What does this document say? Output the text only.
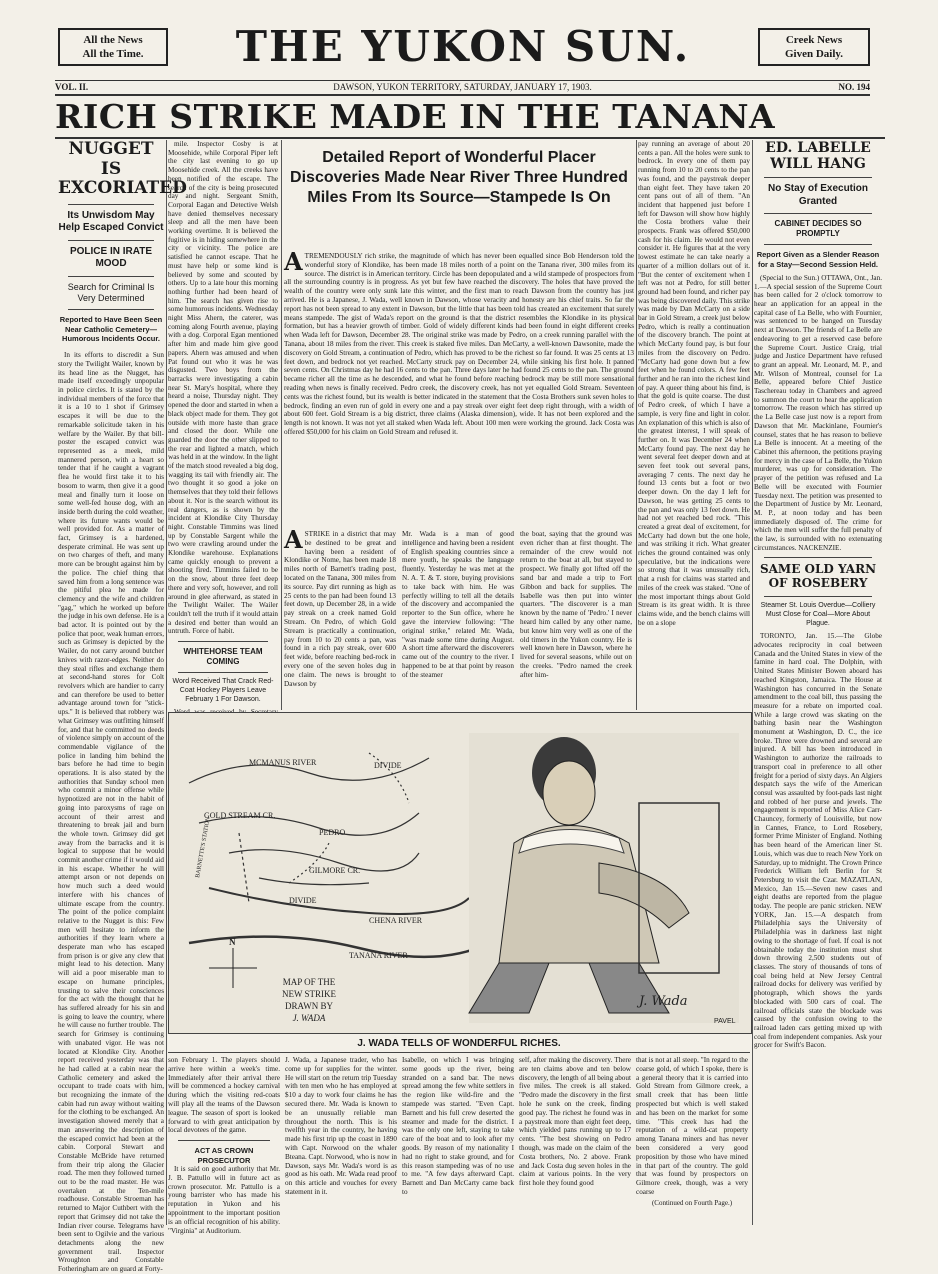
All the News
All the Time.	THE YUKON SUN.	Creek News
Given Daily.
VOL. II.	DAWSON, YUKON TERRITORY, SATURDAY, JANUARY 17, 1903.	NO. 194
RICH STRIKE MADE IN THE TANANA
NUGGET IS EXCORIATED
Its Unwisdom May Help Escaped Convict
POLICE IN IRATE MOOD
Search for Criminal Is Very Determined
Reported to Have Been Seen Near Catholic Cemetery—Humorous Incidents Occur.
In its efforts to discredit a Sun story the Twilight Wailer, known by its head line as the Nugget, has made itself exceedingly unpopular in police circles. It is stated by the individual members of the force that it is a 10 to 1 shot if Grimsey escapes it will be due to the remarkable solicitude taken in his welfare by the Wailer. By that bill-poster the escaped convict was represented as a meek, mild mannered person, with a heart so tender that if he caught a vagrant flea he would first take it to his bosom to warm, then give it a good meal and finally turn it loose on some well-fed house dog, with an inside berth during the cold weather, where its future wants would be well provided for. As a matter of fact, Grimsey is a hardened, desperate criminal. He was sent up on two charges of theft, and many more can be brought against him by the police. The chief thing that saved him from a long sentence was the pitiful plea he made for clemency and the wife and children "gag," which he worked up before the judge in his own defense. He is a bad actor. It is pointed out by the police that poor, weak human errors, such as Grimsey is depicted by the Wailer, do not carry around butcher knives with razor-edges. Neither do they steal rifles and exchange them at second-hand stores for Colt revolvers which are handier to carry and can therefore be used to better advantage around town for "stick-ups." It is believed that robbery was what Grimsey was outfitting himself for, and that he committed no deeds of violence simply on account of the commendable vigilance of the police in landing him behind the bars before he had time to begin operations. It is also stated by the authorities that Sunday school men who commit a minor offense while hypnotized are not in the habit of going into paroxysms of rage on account of their arrest and threatening to break jail and burn the whole town. Grimsey did get away from the barracks and it is logical to suppose that he would commit another crime if it would aid in his escape. Whether he will attempt arson or not depends on how much such a deed would interfere with his chances of ultimate escape from the country. The point of the police complaint relative to the Nugget is this: Few men will hesitate to inform the authorities if they learn where a desperate man who has escaped from prison is or give any clew that might lead to his detection. Many will aid a poor miserable man to escape on humane principles, trusting to salve their consciences for the act with the thought that he has suffered already for his sin and is going to leave the country, where he will cause no further trouble. The search for Grimsey is continuing with unabated vigor. He was not located at Klondike City. Another report received yesterday was that he had called at a cabin near the Catholic cemetery and asked the occupant to trade coats with him, but recognizing the inmate of the cabin had run away without waiting for the clothing to be exchanged. An investigation showed merely that a man answering the description of the escaped convict had been at the cabin. Corporal Stewart and Constable McBride have returned from their trip along the Glacier road. The men they followed turned out to be the road master. He was overtaken at the Ten-mile roadhouse. Constable Stroeman has returned to Major Cuthbert with the report that Grimsey did not take the Indian river course. Telegrams have been sent to Ogilvie and the various detachments along the new government trail. Inspector Wroughton and Constable Fotheringham are on guard at Forty-
mile. Inspector Cosby is at Moosehide, while Corporal Piper left the city last evening to go up Moosehide creek. All the creeks have been notified of the escape. The search of the city is being prosecuted day and night. Sergeant Smith, Corporal Eagan and Detective Welsh have denied themselves necessary sleep and all the men have been working overtime. It is believed the fugitive is in hiding somewhere in the city or vicinity. The police are satisfied he cannot escape. That he must have help or some kind is believed by some and scouted by others. Up to a late hour this morning nothing further had been heard of him. The search has given rise to some humorous incidents. Wednesday night Miss Ahern, the caterer, was coming along Fourth avenue, playing with a dog. Corporal Egan mentioned after him and made him give good papers. Ahern was amused and when Pat found out who it was he was disgusted. Two boys from the barracks were investigating a cabin near St. Mary's hospital, where they heard a noise, Thursday night. They opened the door and started in when a black object made for them. They got outside with more haste than grace and closed the door. While one guarded the door the other slipped to the rear and lighted a match, which was held in at the window. In the light of the match stood revealed a big dog, wagging its tail with friendly air. The two thought it so good a joke on themselves that they told their fellows about it. Nor is the search without its real dangers, as is shown by the incident at Klondike City Thursday night. Constable Timmins was lined up by Constable Sargent while the two were crawling around under the Klondike warehouse. Explanations came quickly enough to prevent a shooting fired. Timmins failed to be on the snow, about three feet deep there and very soft, however, and roll around in glee afterward, as stated in the Twilight Wailer. The Wailer couldn't tell the truth if it would attain a desired end better than would an untruth. Force of habit.
WHITEHORSE TEAM COMING
Word Received That Crack Red-Coat Hockey Players Leave February 1 For Dawson.
Detailed Report of Wonderful Placer Discoveries Made Near River Three Hundred Miles From Its Source—Stampede Is On
A TREMENDOUSLY rich strike, the magnitude of which has never been equalled since Bob Henderson told the wonderful story of Klondike, has been made 18 miles north of a point on the Tanana river, 300 miles from its source. The district is in American territory. Circle has been depopulated and a wild stampede of prospectors from all the surrounding country is in progress. As yet but few have reached the discovery. The holes that have proved the wealth of the country were only sunk late this winter, and the first man to reach Dawson from the country has just arrived. He is a Japanese, J. Wada, well known in Dawson, whose veracity and honesty are his chief traits. So far the report has not been spread to any extent in Dawson, but the little that has been told has created an excitement that surely means stampede. The gist of Wada's report on the ground is that the district resembles the Klondike in its physical formation, but has a heavier growth of timber. Gold of widely different kinds had been found in eight different creeks when Wada left for Dawson, December 28. The original strike was made by Pedro, on a creek running parallel with the Tanana, about 18 miles from the river. This creek is staked five miles. Dan McCarty, a well-known Dawsonite, made the discovery on Gold Stream, a continuation of Pedro, which has proved to be the richest so far found. It was 25 cents at 13 feet down, and bedrock not yet reached. McCarty struck pay on December 24, while sinking his first hole. It panned seven cents. On Christmas day he had 16 cents to the pan. Three days later he had found 25 cents to the pan. The ground became richer all the time as he descended, and what he found before reaching bedrock may be still more sensational reading when news is finally received. Pedro creek, the discovery creek, has not yet equalled Gold Stream. Seventeen cents was the richest found, but its wealth is better indicated in the statement that the Costa Brothers sunk seven holes to bedrock, finding an even run of gold in every one and a pay streak over eight feet deep right through, with a width of about 600 feet. Gold Stream is a big district, three claims (Alaska dimension), wide. It has not been explored and the length is not known. It was not yet all staked when Wada left. About 100 men were working the ground. Jack Costa was offered $50,000 for his claim on Gold Stream and refused it.
A STRIKE in a district that may be destined to be great and having been a resident of Klondike or Nome, has been made 18 miles north of Barnett's trading post, located on the Tanana, 300 miles from its source. Pay dirt running as high as 25 cents to the pan had been found 13 feet down, up December 28, in a wide pay streak on a creek named Gold Stream. On Pedro, of which Gold Stream is practically a continuation, pay from 10 to 20 cents a pan, was found in a rich pay streak, over 600 feet wide, before reaching bed-rock in every one of the seven holes dug in one claim. The news is brought to Dawson by
Mr. Wada is a man of good intelligence and having been a resident of English speaking countries since a mere youth, he speaks the language fluently. Yesterday he was met at the N. A. T. & T. store, buying provisions to take back with him. He was perfectly willing to tell all the details of the discovery and accompanied the reporter to the Sun office, where he gave the interview following: "The original strike," related Mr. Wada, "was made some time during August. A short time afterward the discoverers came out of the country to the river. I happened to be at that point by reason of the steamer
the boat, saying that the ground was even richer than at first thought. The remainder of the crew would not return to the boat at all, but stayed to prospect. We finally got lifted off the sand bar and made a trip to Fort Gibbon and back for supplies. The Isabelle was then put into winter quarters. "The discoverer is a man known by the name of 'Pedro.' I never heard him called by any other name, but know him very well as one of the old timers in the Yukon country. He is well known here in Dawson, where he lived for several seasons, while out on the creeks. "Pedro named the creek after him-
pay running an average of about 20 cents a pan. All the holes were sunk to bedrock. In every one of them pay running from 10 to 20 cents to the pan was found, and the paystreak deeper than eight feet. They have taken 20 cent pans out of all of them. "An incident that happened just before I left for Dawson will show how highly the Costa brothers value their prospects. Frank was offered $50,000 cash for his claim. He would not even consider it. He figures that at the very lowest estimate he can take nearly a quarter of a million dollars out of it. "But the center of excitement when I left was not at Pedro, for still better ground had been found, and richer pay was being discovered daily. This strike was made by Dan McCarty on a side bar in Gold Stream, a creek just below Pedro, which is really a continuation of the discovery branch. The point at which McCarty found pay, is but four miles from the discovery on Pedro. "McCarty had gone down but a few feet when he found colors. A few feet further and he ran into the richest kind of pay. A queer thing about his find, is that the gold is quite coarse. The dust of Pedro creek, of which I have a sample, is very fine and light in color. An explanation of this which is also of the greatest interest, I will speak of further on. It was December 24 when McCarty found pay. The next day he went several feet deeper down and at seven feet took out several pans, averaging 7 cents. The next day he found 13 cents but a foot or two deeper down. On the day I left for Dawson, he was getting 25 cents to the pan and was only 13 feet down. He had not yet reached bed rock. "This created a great deal of excitement, for McCarty had down but the one hole, and was striking it rich. What greater riches the ground contained was only speculative, but the indications were so strong that it was unusually rich, that a rush for claims was started and miles of the creek was staked. "One of the most important things about Gold Stream is its great width. It is three claims wide, and the bench claims will be on a slope
ED. LABELLE WILL HANG
No Stay of Execution Granted
CABINET DECIDES SO PROMPTLY
Report Given as a Slender Reason for a Stay—Second Session Held.
(Special to the Sun.) OTTAWA, Ont., Jan. 1.—A special session of the Supreme Court has been called for 2 o'clock tomorrow to hear an application for an appeal in the capital case of La Belle, who with Fournier, was sentenced to be hanged on Tuesday next at Dawson. The friends of La Belle are endeavoring to get a reserved case before the Supreme Court. Justice Craig, trial judge and Justice Department have refused to grant an appeal. Mr. Leonard, M. P., and Mr. Wilson of Montreal, counsel for La Belle, appeared before Chief Justice Taschereau today in Chambers and agreed to summon the court to hear the application tomorrow. The reason which has stirred up the La Belle case just now is a report from Dawson that Mr. Mackinlane, Fournier's counsel, states that he has reason to believe La Belle is innocent. At a meeting of the Cabinet this afternoon, the petitions praying for mercy in the case of La Belle, the Yukon murderer, was up for consideration. The prayer of the petition was refused and La Belle will be executed with Fournier Tuesday next. The petition was presented to the Department of Justice by Mr. Leonard, M. P., at noon today and has been immediately disposed of. The crime for which the men will suffer the full penalty of the law, is surrounded with no extenuating circumstances. NACKENZIE.
SAME OLD YARN OF ROSEBERY
Steamer St. Louis Overdue—Colliery Must Close for Coal—More About Plague.
TORONTO, Jan. 15.—The Globe advocates reciprocity in coal between Canada and the United States in view of the famine in hard coal. The Dolphin, with United States Minister Bowen aboard has reached Kingston, Jamaica. The House at Washington has concurred in the Senate amendment to the coal bill, thus passing the measure for a rebate on imported coal. While a large crowd was skating on the bathing basin near the Washington monument at Washington, D. C., the ice broke. Three were drowned and several are injured. A bill has been introduced in Washington to authorize the railroads to transport coal in preference to all other freight for a period of sixty days. An Algiers despatch says the wife of the American consul was assaulted by foot-pads last night and robbed of her purse and jewels. The engagement is reported of Miss Alice Carr-Chauncey, formerly of Louisville, but now in Cannes, France, to Lord Rosebery, former Prime Minister of England. Nothing has been heard of the American liner St. Louis, which was due to reach New York on Saturday, up to midnight. The Crown Prince Frederick William left Berlin for St Petersburg to visit the Czar. MAZATLAN, Mexico, Jan 15.—Seven new cases and eight deaths are reported from the plague today. The people are panic stricken. NEW YORK, Jan. 15.—A despatch from Philadelphia says the University of Philadelphia was in darkness last night owing to the shortage of fuel. If coal is not obtainable today the institution must shut down throwing 2,500 students out of classes. The story of thousands of tons of coal being held at New Jersey Central railroad docks for delivery was verified by photograph, which shows the yards blockaded with 500 cars of coal. The railroad officials state the blockade was caused by the confusion owing to the railroad laden cars getting mixed up with coal from independent companies. Ask your grocer for Swift's Bacon.
MCMANUS RIVER	DIVIDE
GOLD STREAM CR.
PEDRO
GILMORE CR.
DIVIDE
CHENA RIVER
TANANA RIVER
BARNETTE'S STATION
N
MAP OF THE
NEW STRIKE
DRAWN BY
J. WADA
J. Wada
PAVEL
J. WADA TELLS OF WONDERFUL RICHES.
son February 1. The players should arrive here within a week's time. Immediately after their arrival there will be commenced a hockey carnival during which the visiting red-coats will play all the teams of the Dawson league. The season of sport is looked forward to with great anticipation by local devotees of the game.
ACT AS CROWN PROSECUTOR
It is said on good authority that Mr. J. B. Pattullo will in future act as crown prosecutor. Mr. Pattullo is a young barrister who has made his reputation in Yukon and his appointment to the important position is an official recognition of his ability. "Virginia" at Auditorium.
J. Wada, a Japanese trader, who has come up for supplies for the winter. He will start on the return trip Tuesday with ten men who he has employed at $10 a day to work four claims he has secured there. Mr. Wada is known to be an unusually reliable man throughout the north. This is his twelfth year in the country, he having made his first trip up the coast in 1890 with Capt. Norwood on the whaler Bteana. Capt. Norwood, who is now in Dawson, says Mr. Wada's word is as good as his oath. Mr. Wada read proof on this article and vouches for every statement in it.
Isabelle, on which I was bringing some goods up the river, being stranded on a sand bar. The news spread among the few white settlers in the region like wild-fire and the stampede was started. "Even Capt. Barnett and his full crew deserted the steamer and made for the district. I was the only one left, staying to take care of the boat and to look after my goods. By reason of my nationality I had no right to stake ground, and for this reason stampeding was of no use to me. "A few days afterward Capt. Barnett and Dan McCarty came back to
self, after making the discovery. There are ten claims above and ten below discovery, the length of all being about five miles. The creek is all staked. "Pedro made the discovery in the first hole he sunk on the creek, finding good pay. The richest he found was in a paystreak more than eight feet deep, which yielded pans running up to 17 cents. "The best showing on Pedro though, was made on the claim of the Costa brothers, No. 2 above. Frank and Jack Costa dug seven holes in the claim at various points. In the very first hole they found good
that is not at all steep. "In regard to the coarse gold, of which I spoke, there is a general theory that it is carried into Gold Stream from Gilmore creek, a small creek that has been little prospected but which is well staked and has been on the market for some time. "This creek has had the reputation of a wild-cat property among Tanana miners and has never been considered a very good proposition by those who have mined in that part of the country. The gold that was found by prospectors on Gilmore creek, though, was a very coarse
(Continued on Fourth Page.)
